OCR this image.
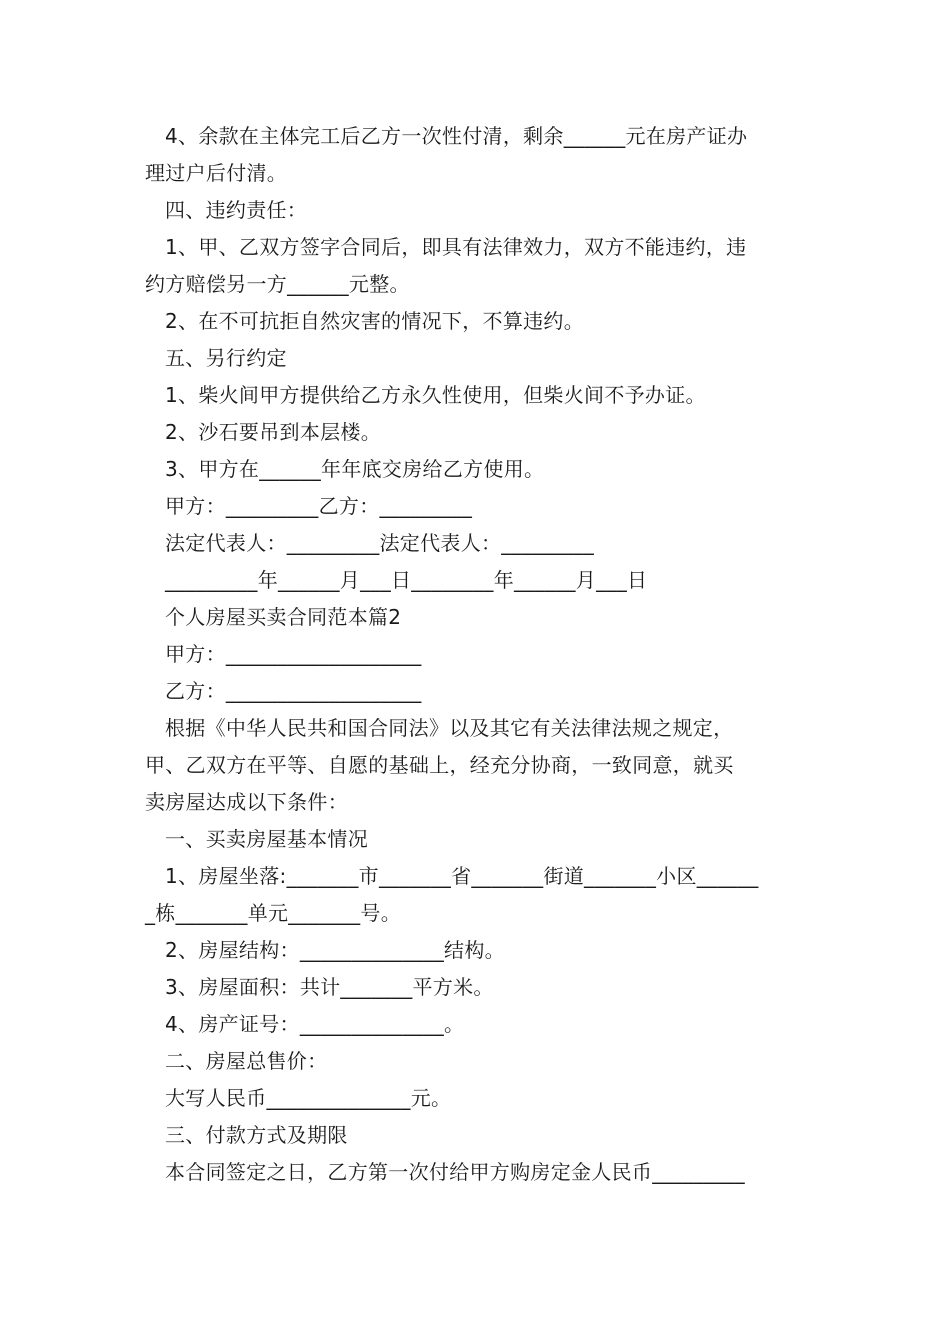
4、余款在主体完工后乙方一次性付清，剩余______元在房产证办
理过户后付清。
四、违约责任：
1、甲、乙双方签字合同后，即具有法律效力，双方不能违约，违
约方赔偿另一方______元整。
2、在不可抗拒自然灾害的情况下，不算违约。
五、另行约定
1、柴火间甲方提供给乙方永久性使用，但柴火间不予办证。
2、沙石要吊到本层楼。
3、甲方在______年年底交房给乙方使用。
甲方：_________乙方：_________
法定代表人：_________法定代表人：_________
_________年______月___日________年______月___日
个人房屋买卖合同范本篇2
甲方：___________________
乙方：___________________
根据《中华人民共和国合同法》以及其它有关法律法规之规定，
甲、乙双方在平等、自愿的基础上，经充分协商，一致同意，就买
卖房屋达成以下条件：
一、买卖房屋基本情况
1、房屋坐落:_______市_______省_______街道_______小区______
_栋_______单元_______号。
2、房屋结构：______________结构。
3、房屋面积：共计_______平方米。
4、房产证号：______________。
二、房屋总售价：
大写人民币______________元。
三、付款方式及期限
本合同签定之日，乙方第一次付给甲方购房定金人民币_________
